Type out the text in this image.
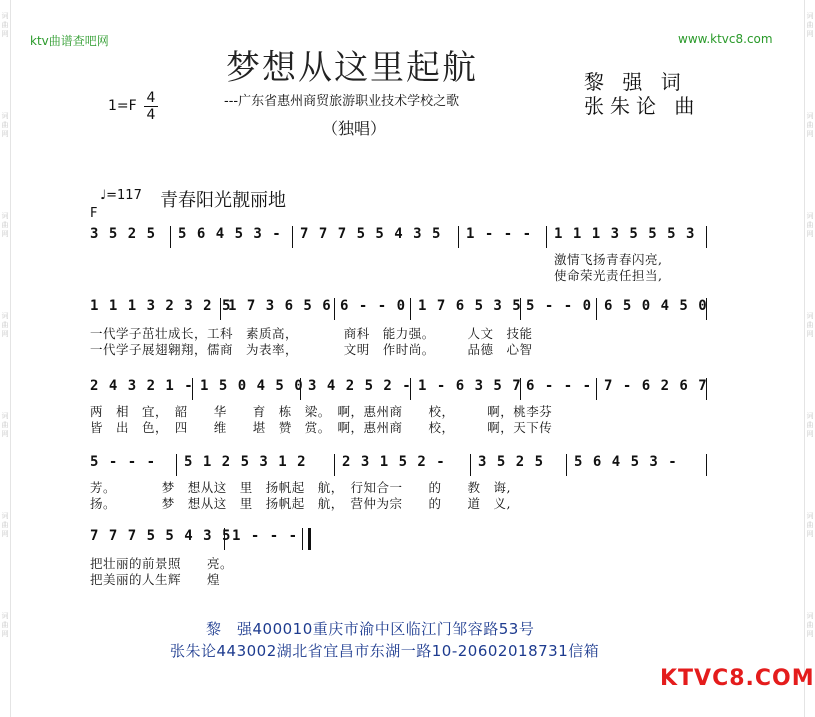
词曲网
词曲网
词曲网
词曲网
词曲网
词曲网
词曲网
词曲网
词曲网
词曲网
词曲网
词曲网
词曲网
词曲网
ktv曲谱查吧网	www.ktvc8.com
梦想从这里起航
---广东省惠州商贸旅游职业技术学校之歌
（独唱）
1=F 4
4
黎 强 词
张朱论 曲
♩=117
F
青春阳光靓丽地
3 5 2 5 5 6 4 5 3 - 7 7 7 5 5 4 3 5 1 - - - 1 1 1 3 5 5 5 3
激情飞扬青春闪亮,
使命荣光责任担当,
1 1 1 3 2 3 2 5
1 7 3 6 5 6 6 - - 0 1 7 6 5 3 5 5 - - 0 6 5 0 4 5 0
一代学子茁壮成长，工科　素质高，　　　　商科　能力强。　　　人文　技能
一代学子展翅翱翔，儒商　为表率，　　　　文明　作时尚。　　　品德　心智
2 4 3 2 1 - 1 5 0 4 5 0 3 4 2 5 2 - 1 - 6 3 5 7 6 - - - 7 - 6 2 6 7
两　相　宜，　韶　　华　　育　栋　梁。　啊，惠州商　　校，　　　啊，桃李芬
皆　出　色，　四　　维　　堪　赞　赏。　啊，惠州商　　校，　　　啊，天下传
5 - - - 5 1 2 5 3 1 2	2 3 1 5 2 - 3 5 2 5 5 6 4 5 3 -
芳。　　　　梦　想从这　里　扬帆起　航，　行知合一　　的　　教　诲,
扬。　　　　梦　想从这　里　扬帆起　航，　营仲为宗　　的　　道　义,
7 7 7 5 5 4 3 5 1 - - -
把壮丽的前景照　　亮。
把美丽的人生辉　　煌
黎　强400010重庆市渝中区临江门邹容路53号
张朱论443002湖北省宜昌市东湖一路10-20602018731信箱
KTVC8.COM
